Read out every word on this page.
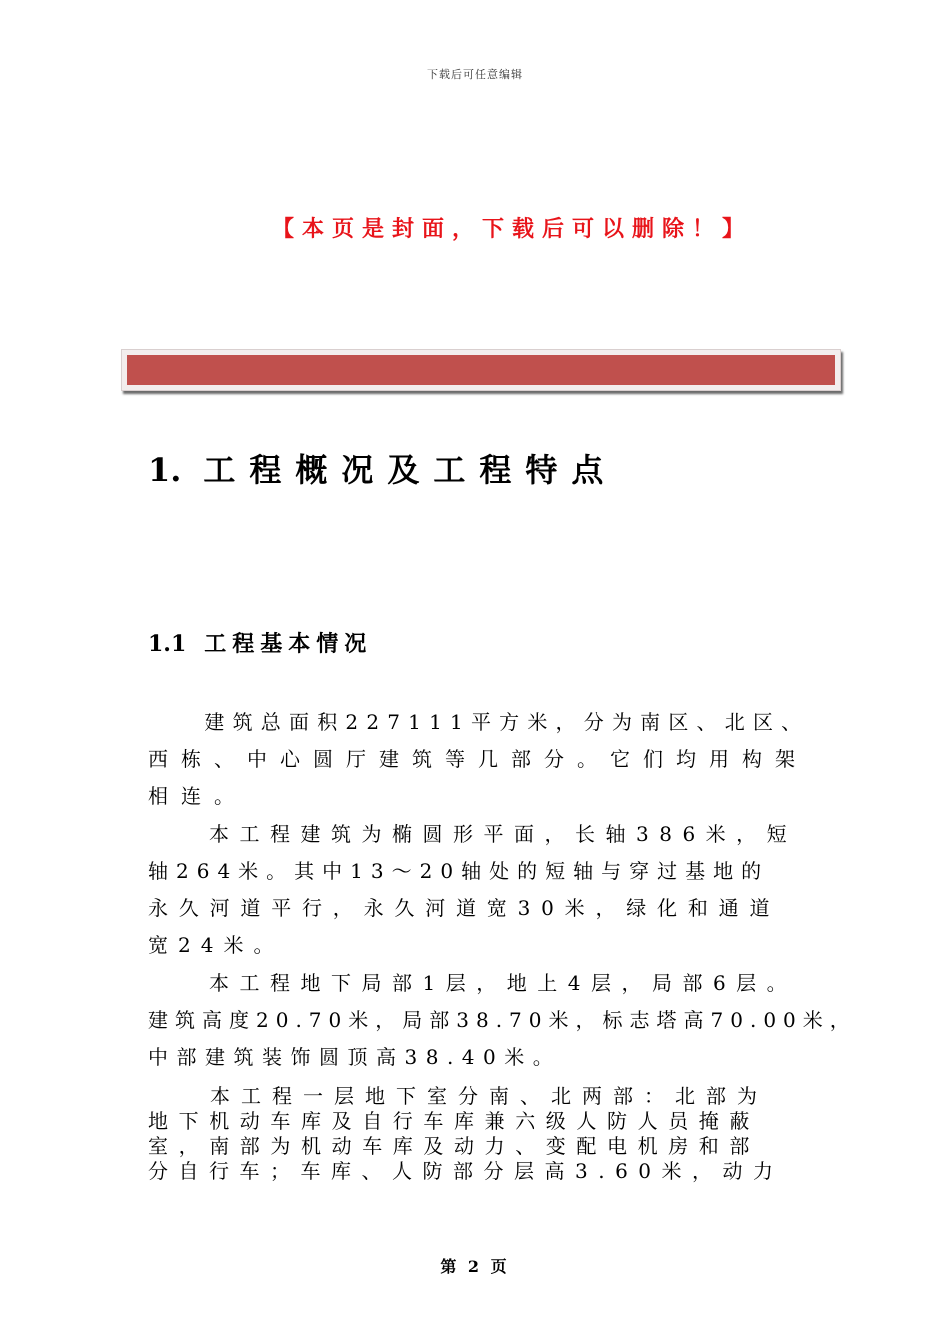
下载后可任意编辑
【本页是封面，下载后可以删除！】
1. 工程概况及工程特点
1.1 工程基本情况
　　建筑总面积227111平方米，分为南区、北区、
西栋、中心圆厅建筑等几部分。它们均用构架
相连。
　　本工程建筑为椭圆形平面，长轴386米，短
轴264米。其中13～20轴处的短轴与穿过基地的
永久河道平行，永久河道宽30米，绿化和通道
宽24米。
　　本工程地下局部1层，地上4层，局部6层。
建筑高度20.70米，局部38.70米，标志塔高70.00米，
中部建筑装饰圆顶高38.40米。
　　本工程一层地下室分南、北两部：北部为
地下机动车库及自行车库兼六级人防人员掩蔽
室，南部为机动车库及动力、变配电机房和部
分自行车；车库、人防部分层高3.60米，动力
第 2 页
